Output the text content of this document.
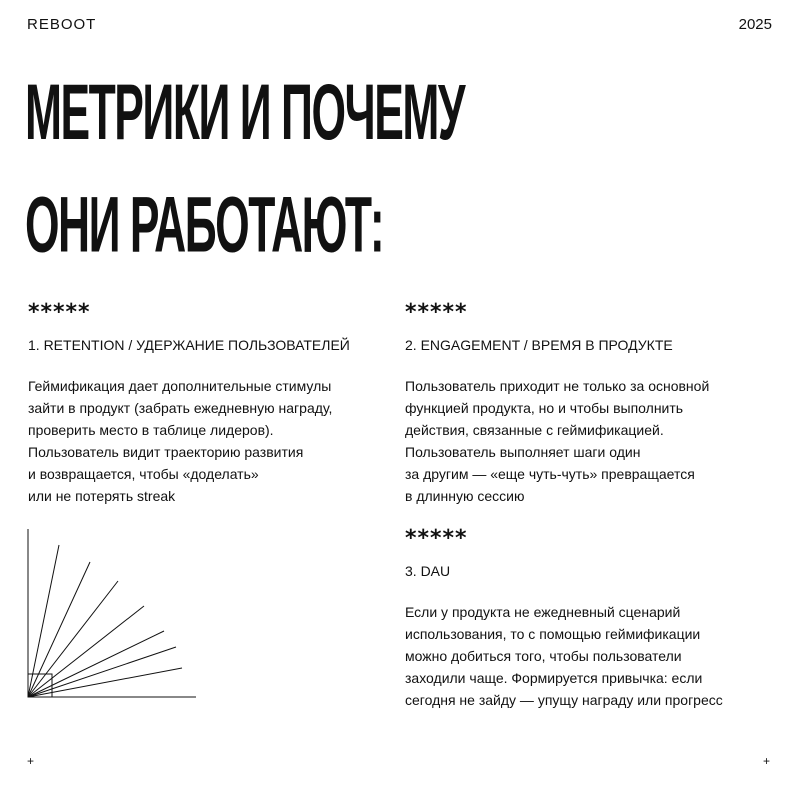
REBOOT	2025
МЕТРИКИ И ПОЧЕМУ
ОНИ РАБОТАЮТ:
*****
1. RETENTION / УДЕРЖАНИЕ ПОЛЬЗОВАТЕЛЕЙ
Геймификация дает дополнительные стимулы
зайти в продукт (забрать ежедневную награду,
проверить место в таблице лидеров).
Пользователь видит траекторию развития
и возвращается, чтобы «доделать»
или не потерять streak
*****
2. ENGAGEMENT / ВРЕМЯ В ПРОДУКТЕ
Пользователь приходит не только за основной
функцией продукта, но и чтобы выполнить
действия, связанные с геймификацией.
Пользователь выполняет шаги один
за другим — «еще чуть-чуть» превращается
в длинную сессию
*****
3. DAU
Если у продукта не ежедневный сценарий
использования, то с помощью геймификации
можно добиться того, чтобы пользователи
заходили чаще. Формируется привычка: если
сегодня не зайду — упущу награду или прогресс
+	+
